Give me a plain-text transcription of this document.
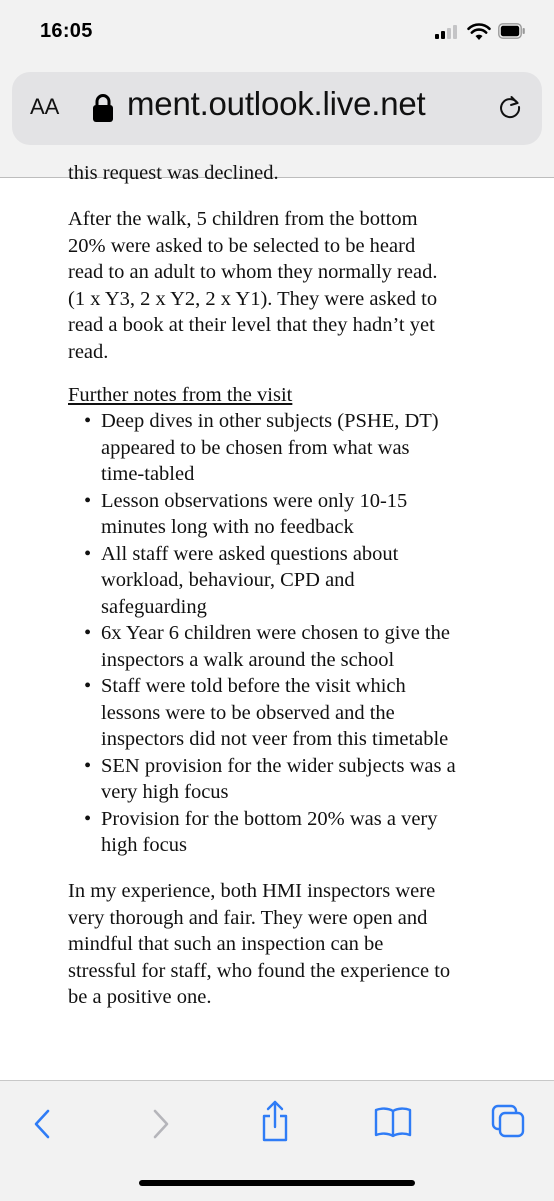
16:05
AA ment.outlook.live.net
this request was declined.
After the walk, 5 children from the bottom
20% were asked to be selected to be heard
read to an adult to whom they normally read.
(1 x Y3, 2 x Y2, 2 x Y1). They were asked to
read a book at their level that they hadn’t yet
read.
Further notes from the visit
• Deep dives in other subjects (PSHE, DT)
appeared to be chosen from what was
time-tabled
• Lesson observations were only 10-15
minutes long with no feedback
• All staff were asked questions about
workload, behaviour, CPD and
safeguarding
• 6x Year 6 children were chosen to give the
inspectors a walk around the school
• Staff were told before the visit which
lessons were to be observed and the
inspectors did not veer from this timetable
• SEN provision for the wider subjects was a
very high focus
• Provision for the bottom 20% was a very
high focus
In my experience, both HMI inspectors were
very thorough and fair. They were open and
mindful that such an inspection can be
stressful for staff, who found the experience to
be a positive one.
